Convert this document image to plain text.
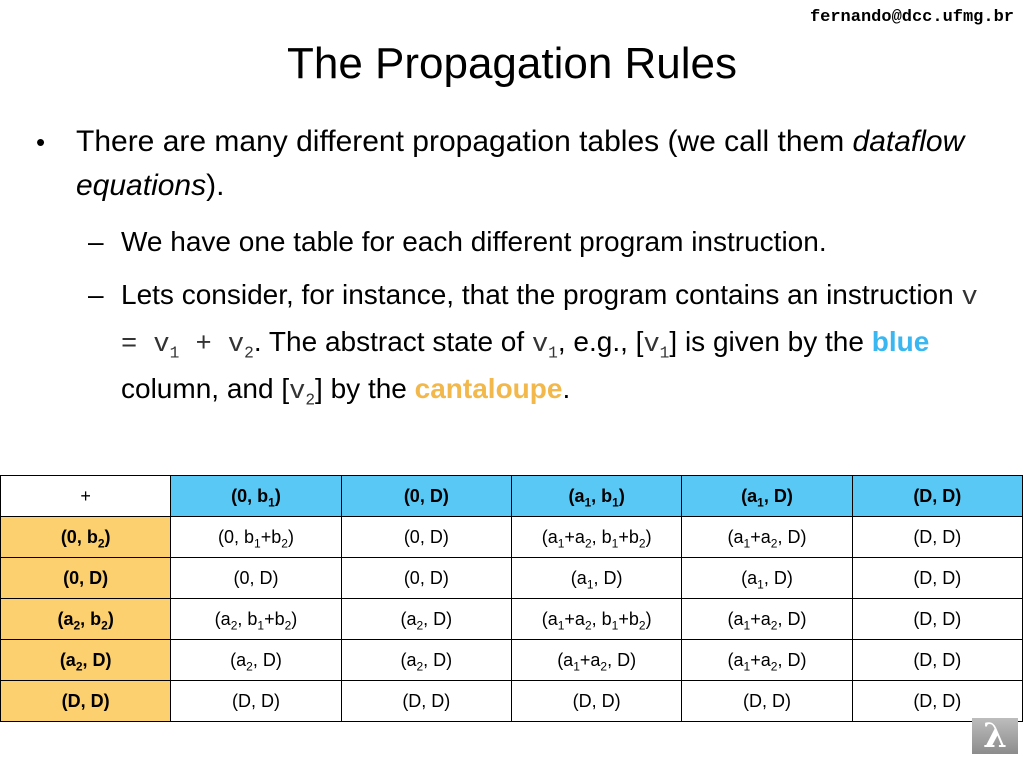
fernando@dcc.ufmg.br
The Propagation Rules
• There are many different propagation tables (we call them dataflow equations).
– We have one table for each different program instruction.
– Lets consider, for instance, that the program contains an instruction $v = v_1 + v_2$. The abstract state of $v_1$, e.g., $[v_1]$ is given by the blue column, and $[v_2]$ by the cantaloupe.
+	(0, $b_1$)	(0, D)	($a_1$, $b_1$)	($a_1$, D)	(D, D)
(0, $b_2$)	(0, $b_1+b_2$)	(0, D)	($a_1+a_2$, $b_1+b_2$)	($a_1+a_2$, D)	(D, D)
(0, D)	(0, D)	(0, D)	($a_1$, D)	($a_1$, D)	(D, D)
($a_2$, $b_2$)	($a_2$, $b_1+b_2$)	($a_2$, D)	($a_1+a_2$, $b_1+b_2$)	($a_1+a_2$, D)	(D, D)
($a_2$, D)	($a_2$, D)	($a_2$, D)	($a_1+a_2$, D)	($a_1+a_2$, D)	(D, D)
(D, D)	(D, D)	(D, D)	(D, D)	(D, D)	(D, D)
λ
